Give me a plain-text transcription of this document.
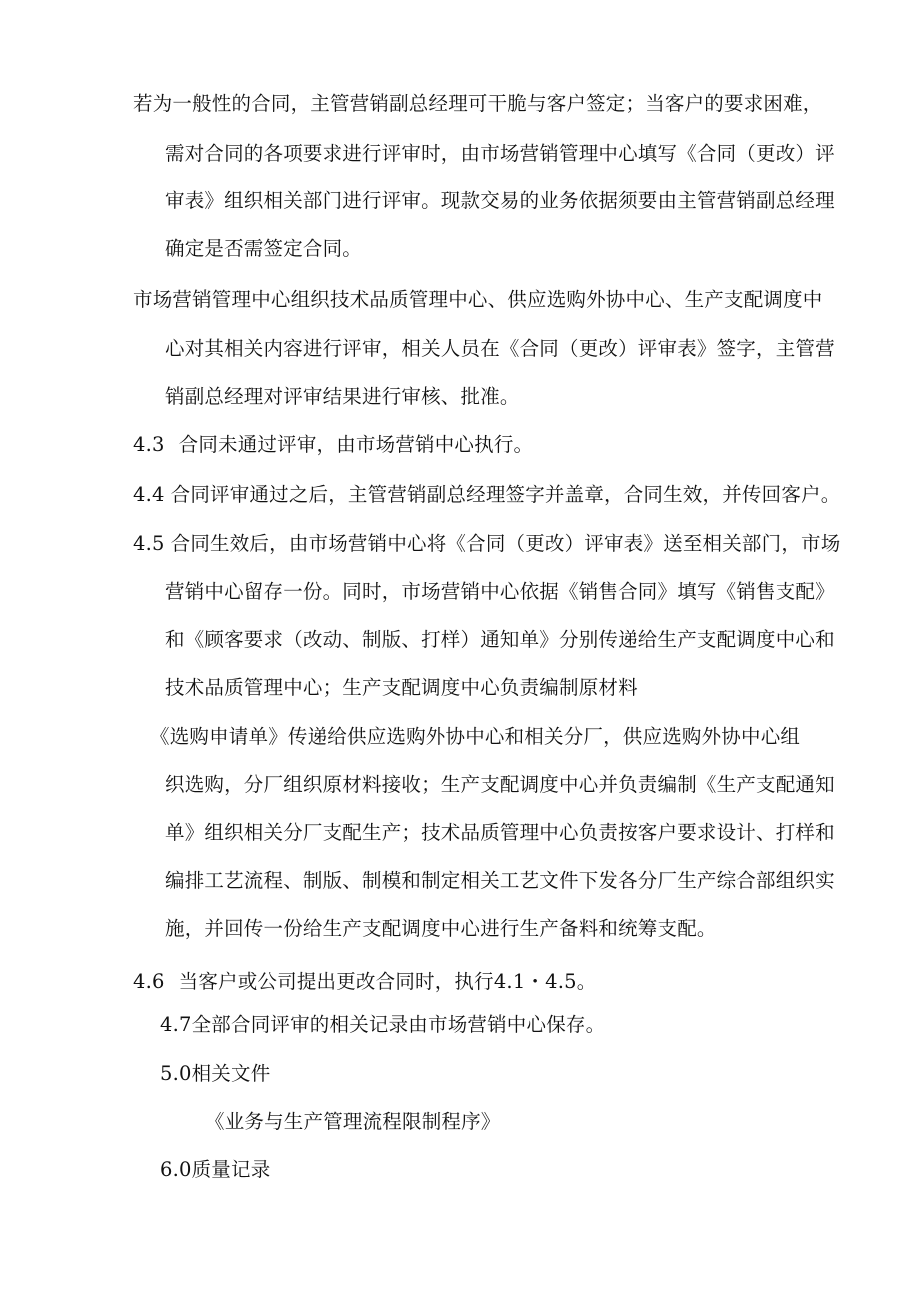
若为一般性的合同，主管营销副总经理可干脆与客户签定；当客户的要求困难，
需对合同的各项要求进行评审时，由市场营销管理中心填写《合同（更改）评
审表》组织相关部门进行评审。现款交易的业务依据须要由主管营销副总经理
确定是否需签定合同。
市场营销管理中心组织技术品质管理中心、供应选购外协中心、生产支配调度中
心对其相关内容进行评审，相关人员在《合同（更改）评审表》签字，主管营
销副总经理对评审结果进行审核、批准。
4.3 合同未通过评审，由市场营销中心执行。
4.4 合同评审通过之后，主管营销副总经理签字并盖章，合同生效，并传回客户。
4.5 合同生效后，由市场营销中心将《合同（更改）评审表》送至相关部门，市场
营销中心留存一份。同时，市场营销中心依据《销售合同》填写《销售支配》
和《顾客要求（改动、制版、打样）通知单》分别传递给生产支配调度中心和
技术品质管理中心；生产支配调度中心负责编制原材料
《选购申请单》传递给供应选购外协中心和相关分厂，供应选购外协中心组
织选购，分厂组织原材料接收；生产支配调度中心并负责编制《生产支配通知
单》组织相关分厂支配生产；技术品质管理中心负责按客户要求设计、打样和
编排工艺流程、制版、制模和制定相关工艺文件下发各分厂生产综合部组织实
施，并回传一份给生产支配调度中心进行生产备料和统筹支配。
4.6 当客户或公司提出更改合同时，执行4.1・4.5。
4.7全部合同评审的相关记录由市场营销中心保存。
5.0相关文件
《业务与生产管理流程限制程序》
6.0质量记录
